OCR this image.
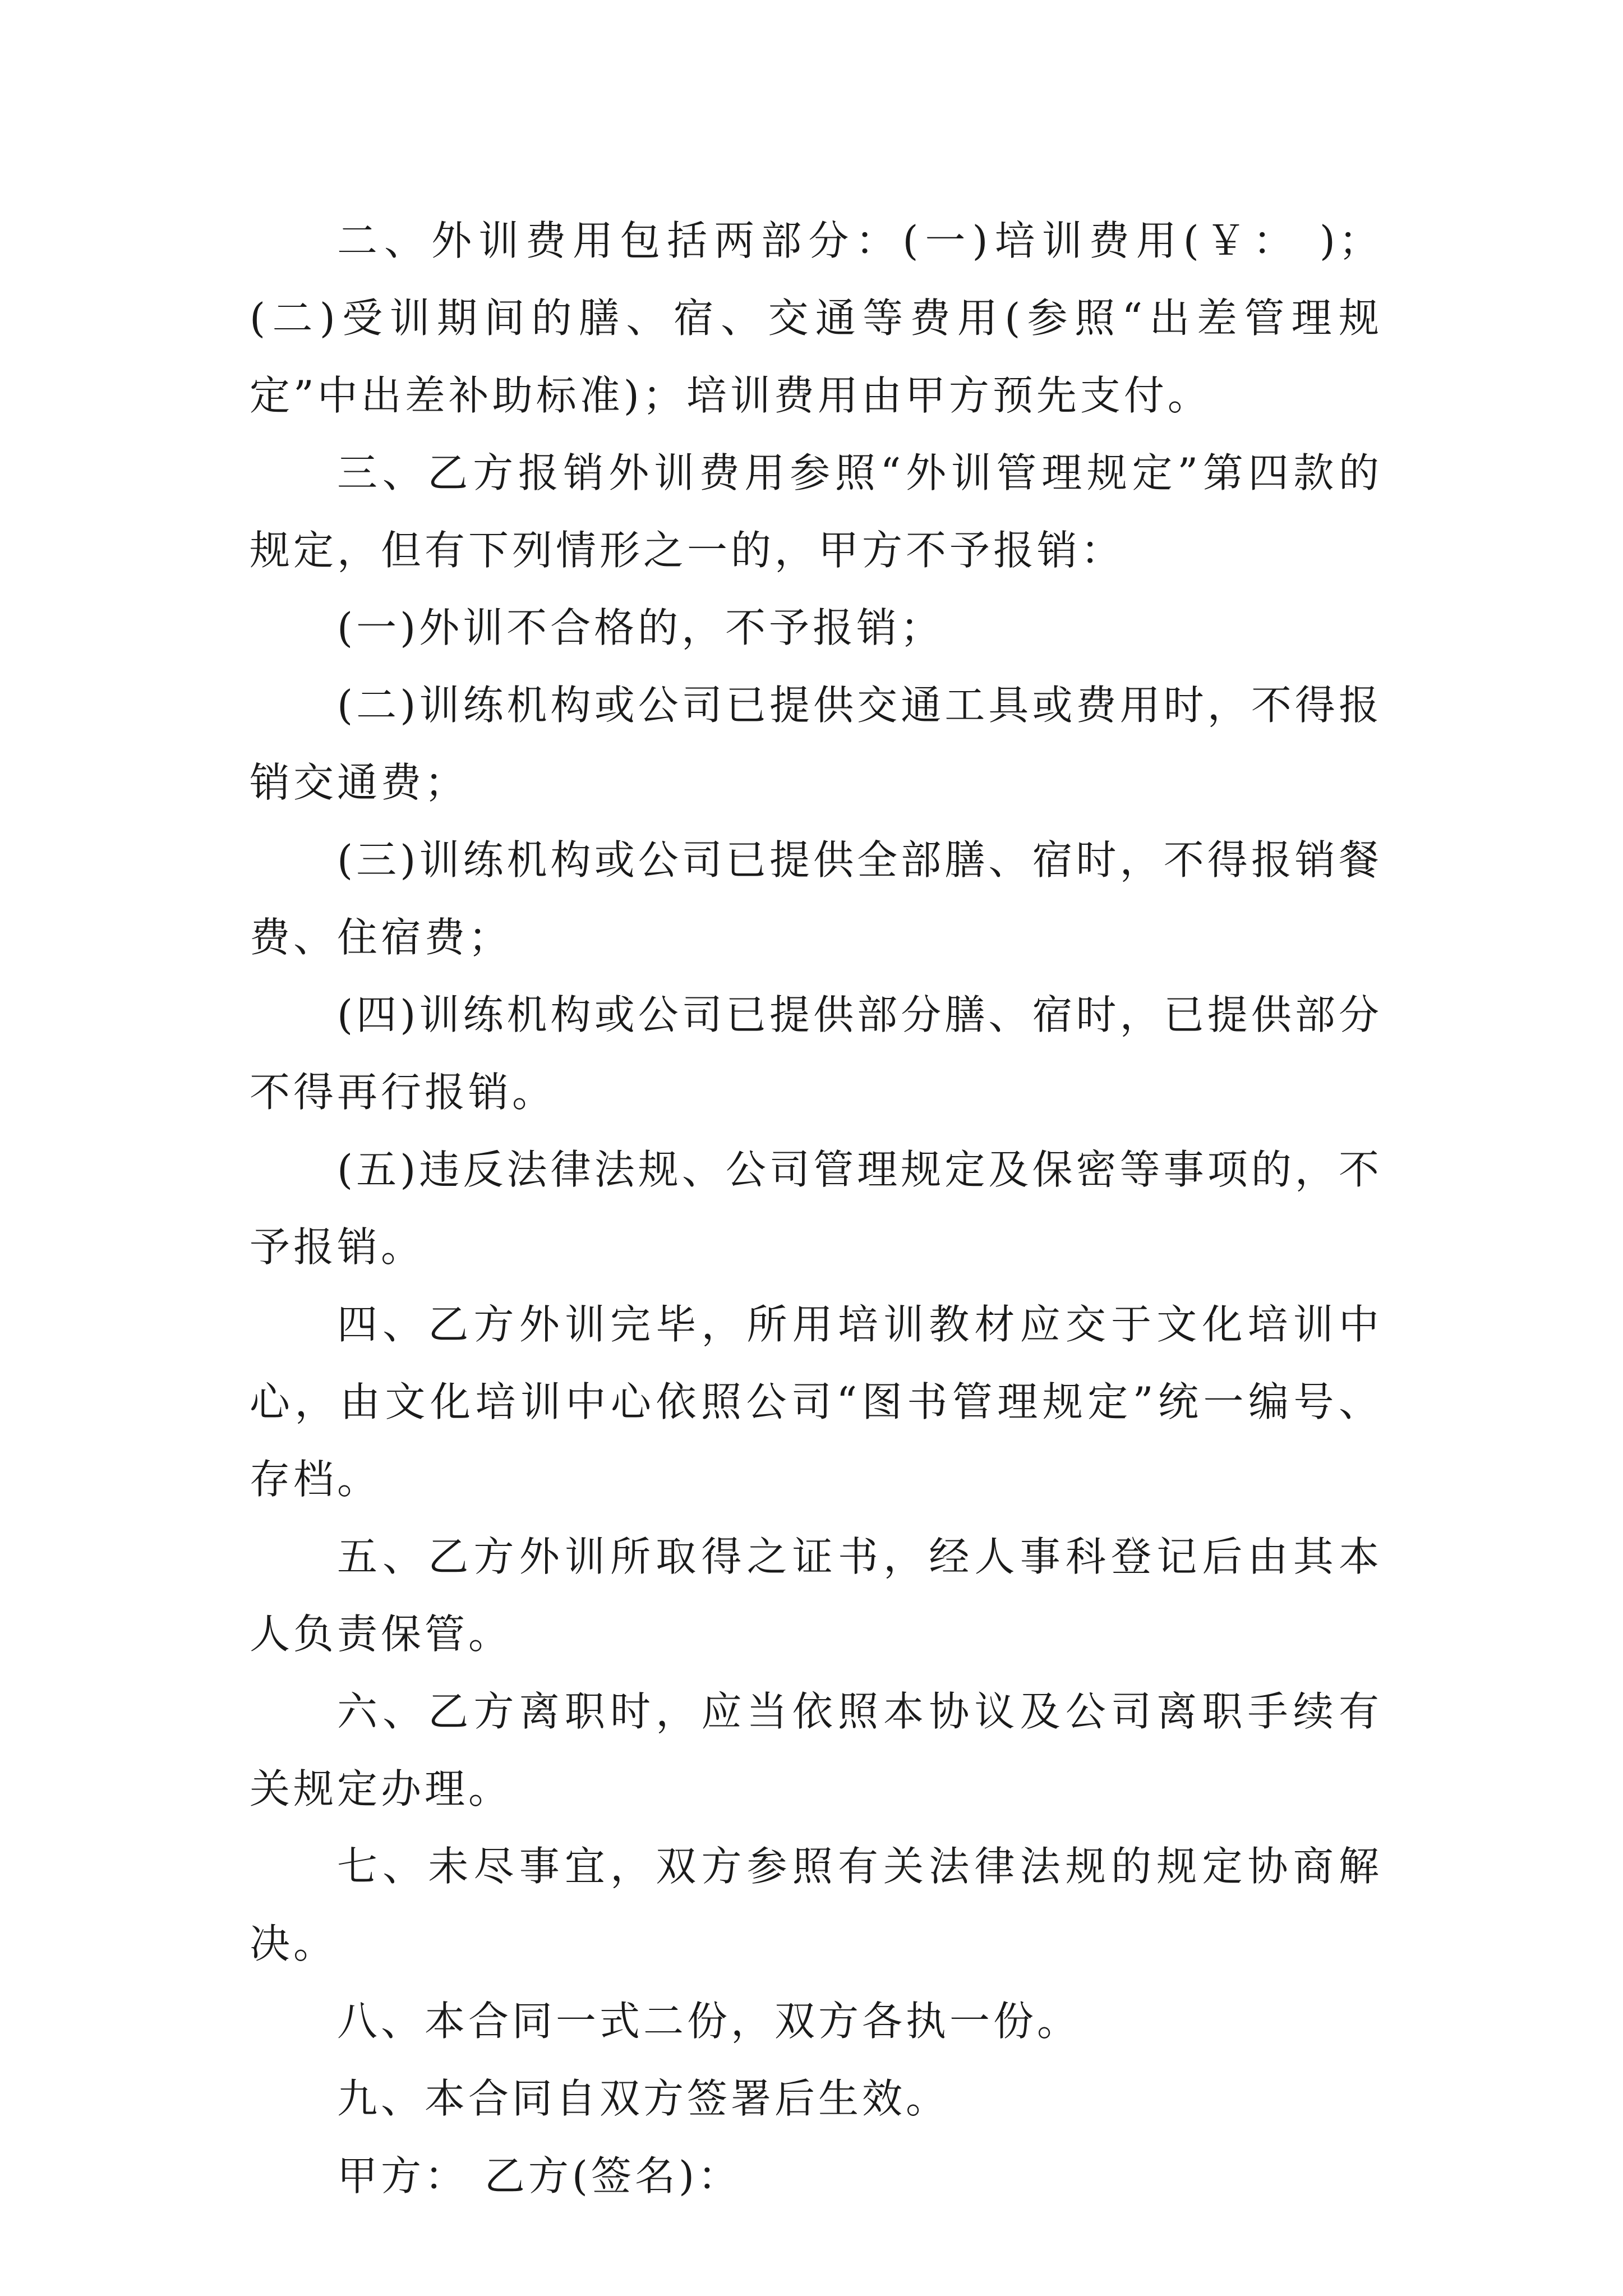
二、外训费用包括两部分：(一)培训费用(￥： )；(二)受训期间的膳、宿、交通等费用(参照“出差管理规定”中出差补助标准)；培训费用由甲方预先支付。

三、乙方报销外训费用参照“外训管理规定”第四款的规定，但有下列情形之一的，甲方不予报销：

(一)外训不合格的，不予报销；

(二)训练机构或公司已提供交通工具或费用时，不得报销交通费；

(三)训练机构或公司已提供全部膳、宿时，不得报销餐费、住宿费；

(四)训练机构或公司已提供部分膳、宿时，已提供部分不得再行报销。

(五)违反法律法规、公司管理规定及保密等事项的，不予报销。

四、乙方外训完毕，所用培训教材应交于文化培训中心，由文化培训中心依照公司“图书管理规定”统一编号、存档。

五、乙方外训所取得之证书，经人事科登记后由其本人负责保管。

六、乙方离职时，应当依照本协议及公司离职手续有关规定办理。

七、未尽事宜，双方参照有关法律法规的规定协商解决。

八、本合同一式二份，双方各执一份。

九、本合同自双方签署后生效。

甲方： 乙方(签名)：
